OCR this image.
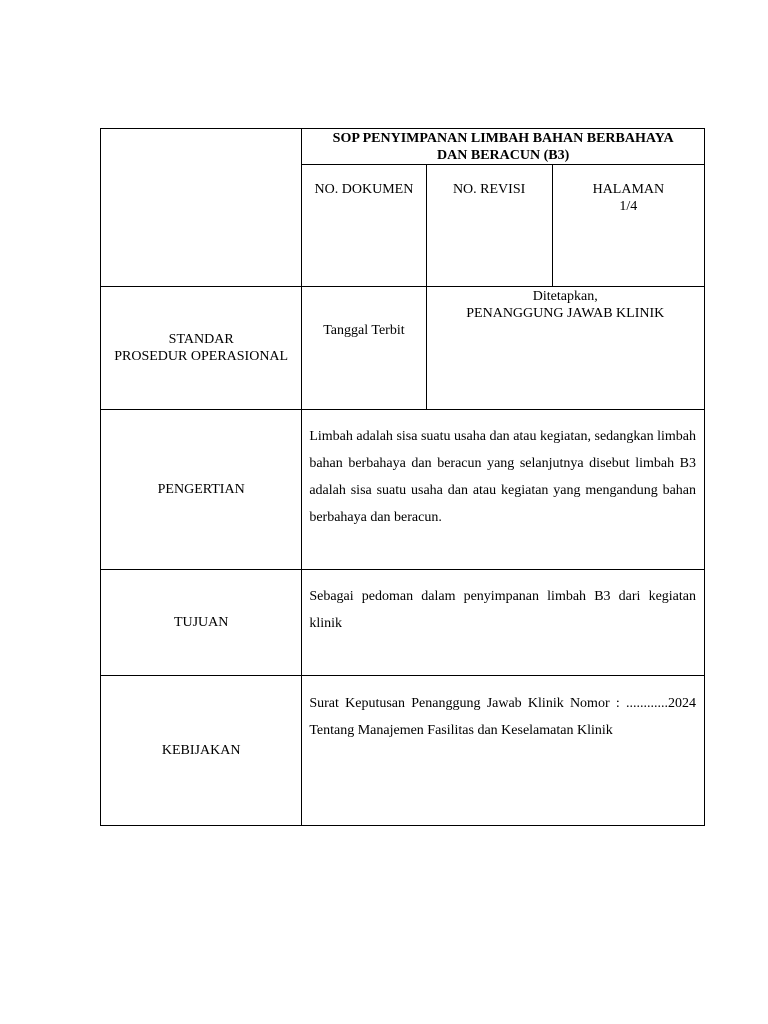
	SOP PENYIMPANAN LIMBAH BAHAN BERBAHAYA
DAN BERACUN (B3)		

	NO. DOKUMEN	NO. REVISI	HALAMAN
1/4

STANDAR
PROSEDUR OPERASIONAL	Tanggal Terbit	Ditetapkan,
PENANGGUNG JAWAB KLINIK	

PENGERTIAN	Limbah adalah sisa suatu usaha dan atau kegiatan, sedangkan limbah bahan berbahaya dan beracun yang selanjutnya disebut limbah B3 adalah sisa suatu usaha dan atau kegiatan yang mengandung bahan berbahaya dan beracun.		
TUJUAN	Sebagai pedoman dalam penyimpanan limbah B3 dari kegiatan klinik		
KEBIJAKAN	Surat Keputusan Penanggung Jawab Klinik Nomor : ............2024 Tentang Manajemen Fasilitas dan Keselamatan Klinik		
